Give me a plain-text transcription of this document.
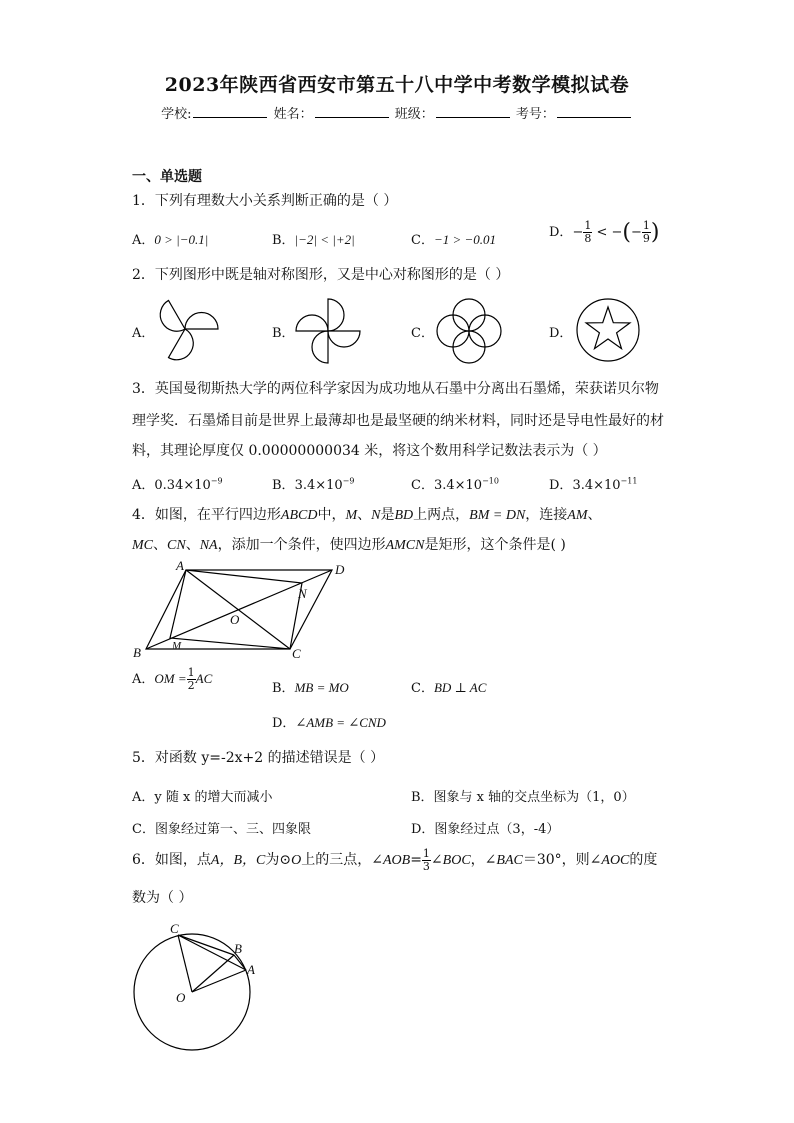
2023年陕西省西安市第五十八中学中考数学模拟试卷
学校:	姓名：	班级：	考号：
一、单选题
1．下列有理数大小关系判断正确的是（ ）
A．0 > |−0.1|	B．|−2| < |+2|	C．−1 > −0.01	D．− $\frac{1}{8}$ < −(− $\frac{1}{9}$ )
2．下列图形中既是轴对称图形，又是中心对称图形的是（ ）
A．	B．	C．	D．
3．英国曼彻斯热大学的两位科学家因为成功地从石墨中分离出石墨烯，荣获诺贝尔物
理学奖．石墨烯目前是世界上最薄却也是最坚硬的纳米材料，同时还是导电性最好的材
料，其理论厚度仅 0.00000000034 米，将这个数用科学记数法表示为（ ）
A．$0.34\times 10^{-9}$	B．$3.4\times 10^{-9}$	C．$3.4\times 10^{-10}$	D．$3.4\times 10^{-11}$
4．如图，在平行四边形ABCD中，M、N是BD上两点，BM = DN，连接AM、
MC、CN、NA，添加一个条件，使四边形AMCN是矩形，这个条件是( )
A	D
B	C
M
N
O
A．OM = $\frac{1}{2}$ AC
B．MB = MO	C．BD ⊥ AC
D．∠AMB = ∠CND
5．对函数 y=-2x+2 的描述错误是（ ）
A．y 随 x 的增大而减小	B．图象与 x 轴的交点坐标为（1，0）
C．图象经过第一、三、四象限	D．图象经过点（3，-4）
6．如图，点A，B，C为⊙O上的三点，∠AOB= $\frac{1}{3}$ ∠BOC，∠BAC＝30°，则∠AOC的度
数为（ ）
C
B
A
O
